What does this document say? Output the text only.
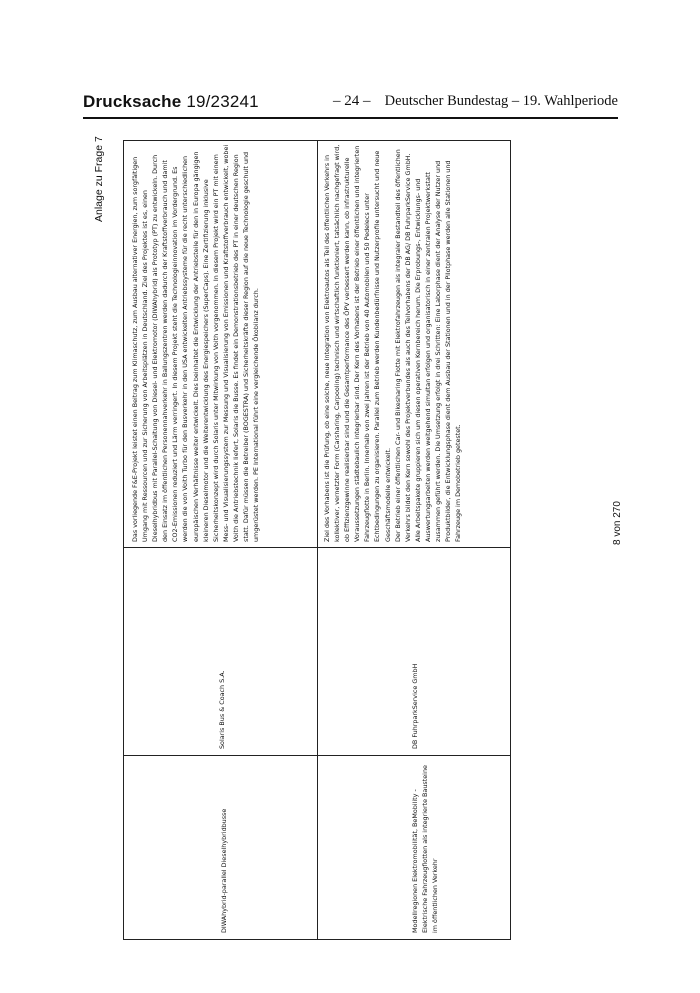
Drucksache 19/23241	– 24 – Deutscher Bundestag – 19. Wahlperiode
Anlage zu Frage 7
8 von 270

DIWAhybrid-parallel Dieselhybridbusse

Solaris Bus & Coach S.A.

Das vorliegende F&E-Projekt leistet einen Beitrag zum Klimaschutz, zum Ausbau alternativer Energien, zum sorgfältigen Umgang mit Ressourcen und zur Sicherung von Arbeitsplätzen in Deutschland. Ziel des Projektes ist es, einen Dieselhybridbus mit Parallel-Schaltung von Diesel- und Elektromotor (DIWAhybrid) als Prototyp (PT) zu entwickeln. Durch den Einsatz im öffentlichen Personennahverkehr in Ballungszentren werden dadurch der Kraftstoffverbrauch und damit CO2-Emissionen reduziert und Lärm verringert. In diesem Projekt steht die Technologieinnovation im Vordergrund. Es werden die von Voith Turbo für den Busverkehr in den USA entwickelten Antriebssysteme für die recht unterschiedlichen europäischen Verhältnisse weiter entwickelt. Dies beinhaltet die Entwicklung der Antriebsteile für den in Europa gängigen kleineren Dieselmotor und die Weiterentwicklung des Energiespeichers (SuperCaps). Eine Zertifizierung inklusive Sicherheitskonzept wird durch Solaris unter Mitwirkung von Voith vorgenommen. In diesem Projekt wird ein PT mit einem Mess- und Visualisierungssystem zur Messung und Visualisierung von Emissionen und Kraftstoffverbrauch entwickelt, wobei Voith die Antriebstechnik liefert, Solaris die Busse. Es findet ein Demonstrationsbetrieb des PT in einer deutschen Region statt. Dafür müssen die Betreiber (BOGESTRA) und Sicherheitskräfte dieser Region auf die neue Technologie geschult und umgerüstet werden. PE International führt eine vergleichende Ökobilanz durch.

Modellregionen Elektromobilität, BeMobility - Elektrische Fahrzeugflotten als integrierte Bausteine im öffentlichen Verkehr

DB FuhrparkService GmbH

Ziel des Vorhabens ist die Prüfung, ob eine solche, neue Integration von Elektroautos als Teil des öffentlichen Verkehrs in kollektiver, vernetzter Form (Carsharing, Carpooling) technisch und wirtschaftlich funktioniert, tatsächlich nachgefragt wird, ob Effizienzgewinne realisierbar sind und die Gesamtperformance des ÖPV verbessert werden kann, ob infrastrukturelle Voraussetzungen städtebaulich integrierbar sind. Der Kern des Vorhabens ist der Betrieb einer öffentlichen und integrierten Fahrzeugflotte in Berlin. Innerhalb von zwei Jahren ist der Betrieb von 40 Automobilen und 50 Pedelecs unter Echtbedingungen zu organisieren. Parallel zum Betrieb werden Kundenbedürfnisse und Nutzerprofile untersucht und neue Geschäftsmodelle entwickelt. Der Betrieb einer öffentlichen Car- und Bikesharing Flotte mit Elektrofahrzeugen als integraler Bestandteil des öffentlichen Verkehrs bildet den Kern sowohl des Projektverbundes als auch des Teilvorhabens der DB AG/ DB FuhrparkService GmbH. Alle Arbeitspakete gruppieren sich um diesen operativen Kernbereich herum. Die Erprobungs-, Entwicklungs- und Auswertungsarbeiten werden weitgehend simultan erfolgen und organisatorisch in einer zentralen Projektwerkstatt zusammen geführt werden. Die Umsetzung erfolgt in drei Schritten: Eine Laborphase dient der Analyse der Nutzer und Produktbilder, die Entwicklungsphase dient dem Ausbau der Stationen und in der Pilotphase werden alle Stationen und Fahrzeuge im Demobetrieb getestet.
